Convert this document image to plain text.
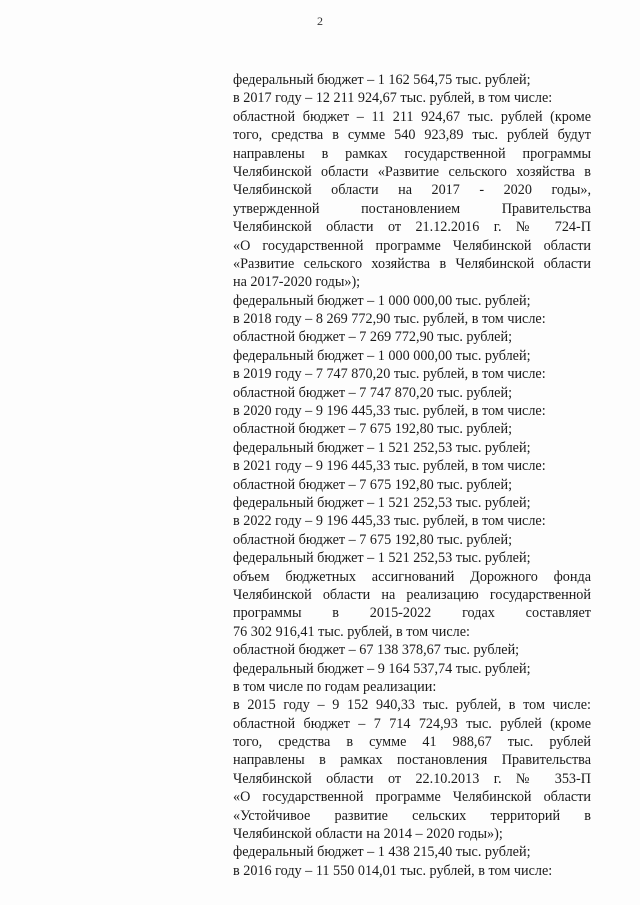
2
федеральный бюджет – 1 162 564,75 тыс. рублей;
в 2017 году – 12 211 924,67 тыс. рублей, в том числе:
областной бюджет – 11 211 924,67 тыс. рублей (кроме
того, средства в сумме 540 923,89 тыс. рублей будут
направлены в рамках государственной программы
Челябинской области «Развитие сельского хозяйства в
Челябинской области на 2017 - 2020 годы»,
утвержденной постановлением Правительства
Челябинской области от 21.12.2016 г. № 724-П
«О государственной программе Челябинской области
«Развитие сельского хозяйства в Челябинской области
на 2017-2020 годы»);
федеральный бюджет – 1 000 000,00 тыс. рублей;
в 2018 году – 8 269 772,90 тыс. рублей, в том числе:
областной бюджет – 7 269 772,90 тыс. рублей;
федеральный бюджет – 1 000 000,00 тыс. рублей;
в 2019 году – 7 747 870,20 тыс. рублей, в том числе:
областной бюджет – 7 747 870,20 тыс. рублей;
в 2020 году – 9 196 445,33 тыс. рублей, в том числе:
областной бюджет – 7 675 192,80 тыс. рублей;
федеральный бюджет – 1 521 252,53 тыс. рублей;
в 2021 году – 9 196 445,33 тыс. рублей, в том числе:
областной бюджет – 7 675 192,80 тыс. рублей;
федеральный бюджет – 1 521 252,53 тыс. рублей;
в 2022 году – 9 196 445,33 тыс. рублей, в том числе:
областной бюджет – 7 675 192,80 тыс. рублей;
федеральный бюджет – 1 521 252,53 тыс. рублей;
объем бюджетных ассигнований Дорожного фонда
Челябинской области на реализацию государственной
программы в 2015-2022 годах составляет
76 302 916,41 тыс. рублей, в том числе:
областной бюджет – 67 138 378,67 тыс. рублей;
федеральный бюджет – 9 164 537,74 тыс. рублей;
в том числе по годам реализации:
в 2015 году – 9 152 940,33 тыс. рублей, в том числе:
областной бюджет – 7 714 724,93 тыс. рублей (кроме
того, средства в сумме 41 988,67 тыс. рублей
направлены в рамках постановления Правительства
Челябинской области от 22.10.2013 г. № 353-П
«О государственной программе Челябинской области
«Устойчивое развитие сельских территорий в
Челябинской области на 2014 – 2020 годы»);
федеральный бюджет – 1 438 215,40 тыс. рублей;
в 2016 году – 11 550 014,01 тыс. рублей, в том числе:
